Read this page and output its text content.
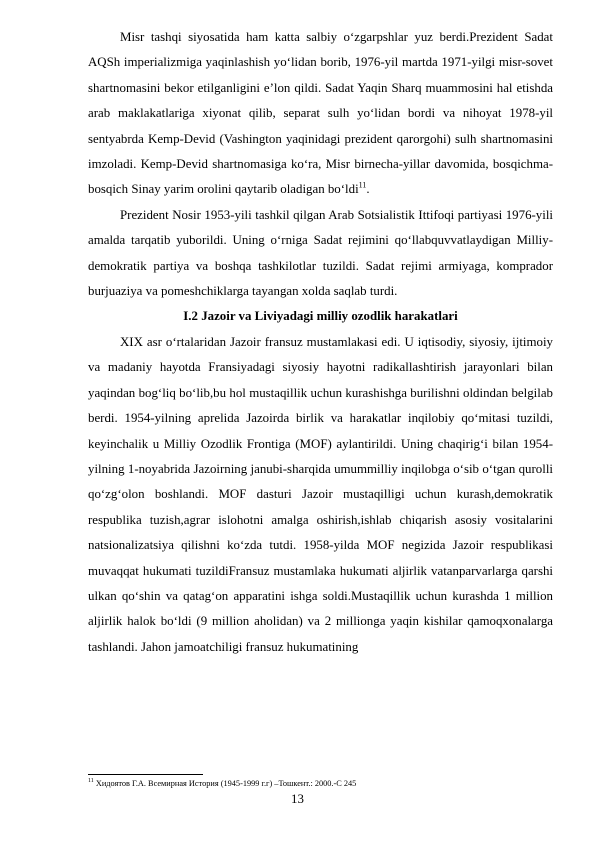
Misr tashqi siyosatida ham katta salbiy o‘zgarpshlar yuz berdi.Prezident Sadat AQSh imperializmiga yaqinlashish yo‘lidan borib, 1976-yil martda 1971-yilgi misr-sovet shartnomasini bekor etilganligini e’lon qildi. Sadat Yaqin Sharq muammosini hal etishda arab maklakatlariga xiyonat qilib, separat sulh yo‘lidan bordi va nihoyat 1978-yil sentyabrda Kemp-Devid (Vashington yaqinidagi prezident qarorgohi) sulh shartnomasini imzoladi. Kemp-Devid shartnomasiga ko‘ra, Misr birnecha-yillar davomida, bosqichma-bosqich Sinay yarim orolini qaytarib oladigan bo‘ldi$^{11}$.

Prezident Nosir 1953-yili tashkil qilgan Arab Sotsialistik Ittifoqi partiyasi 1976-yili amalda tarqatib yuborildi. Uning o‘rniga Sadat rejimini qo‘llabquvvatlaydigan Milliy-demokratik partiya va boshqa tashkilotlar tuzildi. Sadat rejimi armiyaga, komprador burjuaziya va pomeshchiklarga tayangan xolda saqlab turdi.

I.2 Jazoir va Liviyadagi milliy ozodlik harakatlari

XIX asr o‘rtalaridan Jazoir fransuz mustamlakasi edi. U iqtisodiy, siyosiy, ijtimoiy va madaniy hayotda Fransiyadagi siyosiy hayotni radikallashtirish jarayonlari bilan yaqindan bog‘liq bo‘lib,bu hol mustaqillik uchun kurashishga burilishni oldindan belgilab berdi. 1954-yilning aprelida Jazoirda birlik va harakatlar inqilobiy qo‘mitasi tuzildi, keyinchalik u Milliy Ozodlik Frontiga (MOF) aylantirildi. Uning chaqirig‘i bilan 1954-yilning 1-noyabrida Jazoirning janubi-sharqida umummilliy inqilobga o‘sib o‘tgan qurolli qo‘zg‘olon boshlandi. MOF dasturi Jazoir mustaqilligi uchun kurash,demokratik respublika tuzish,agrar islohotni amalga oshirish,ishlab chiqarish asosiy vositalarini natsionalizatsiya qilishni ko‘zda tutdi. 1958-yilda MOF negizida Jazoir respublikasi muvaqqat hukumati tuzildiFransuz mustamlaka hukumati aljirlik vatanparvarlarga qarshi ulkan qo‘shin va qatag‘on apparatini ishga soldi.Mustaqillik uchun kurashda 1 million aljirlik halok bo‘ldi (9 million aholidan) va 2 millionga yaqin kishilar qamoqxonalarga tashlandi. Jahon jamoatchiligi fransuz hukumatining

$^{11}$ Хидоятов Г.А. Всемирная История (1945-1999 г.г) –Тошкент.: 2000.-С 245
13
